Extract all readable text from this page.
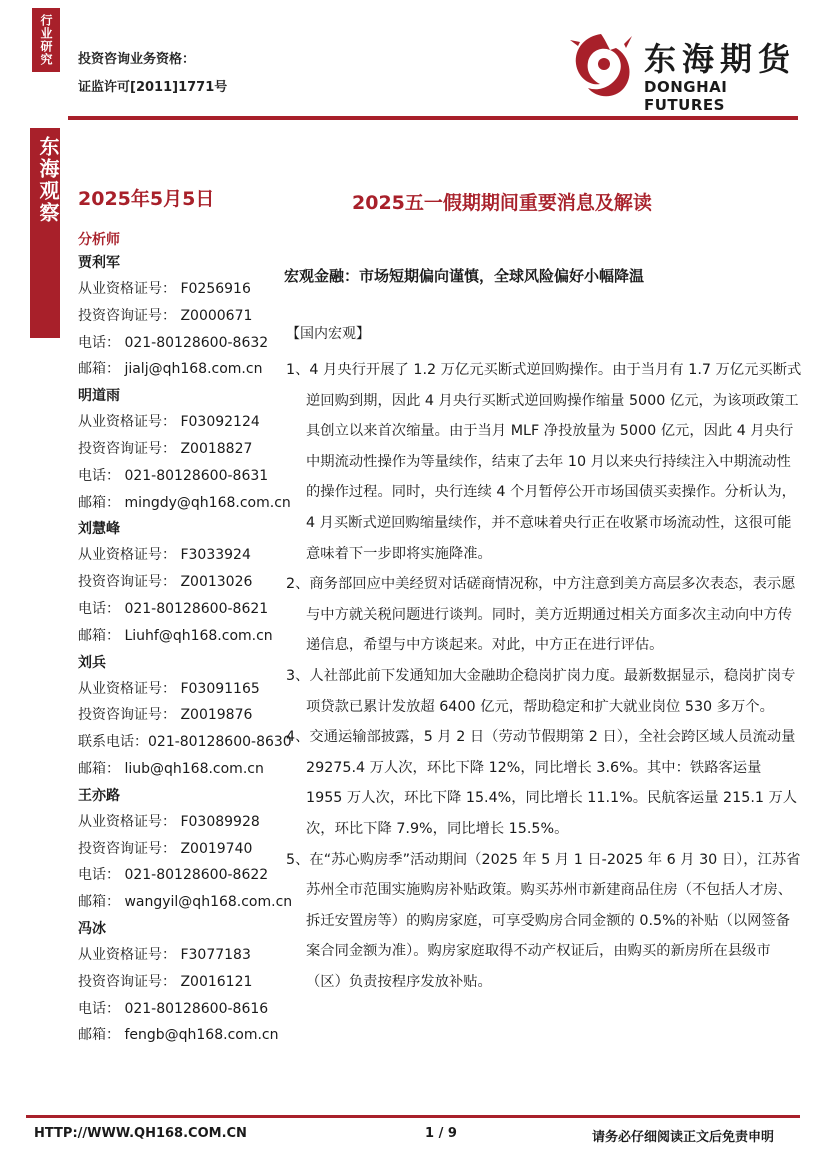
行业研究	投资咨询业务资格：
证监许可[2011]1771号
东海期货
DONGHAI FUTURES
东海观察 2025年5月5日	2025五一假期期间重要消息及解读
分析师
贾利军
从业资格证号： F0256916
投资咨询证号： Z0000671
电话： 021-80128600-8632
邮箱： jialj@qh168.com.cn
明道雨
从业资格证号： F03092124
投资咨询证号： Z0018827
电话： 021-80128600-8631
邮箱： mingdy@qh168.com.cn
刘慧峰
从业资格证号： F3033924
投资咨询证号： Z0013026
电话： 021-80128600-8621
邮箱： Liuhf@qh168.com.cn
刘兵
从业资格证号： F03091165
投资咨询证号： Z0019876
联系电话：021-80128600-8630
邮箱： liub@qh168.com.cn
王亦路
从业资格证号： F03089928
投资咨询证号： Z0019740
电话： 021-80128600-8622
邮箱： wangyil@qh168.com.cn
冯冰
从业资格证号： F3077183
投资咨询证号： Z0016121
电话： 021-80128600-8616
邮箱： fengb@qh168.com.cn
宏观金融：市场短期偏向谨慎，全球风险偏好小幅降温
【国内宏观】

1、4 月央行开展了 1.2 万亿元买断式逆回购操作。由于当月有 1.7 万亿元买断式逆回购到期，因此 4 月央行买断式逆回购操作缩量 5000 亿元，为该项政策工具创立以来首次缩量。由于当月 MLF 净投放量为 5000 亿元，因此 4 月央行中期流动性操作为等量续作，结束了去年 10 月以来央行持续注入中期流动性的操作过程。同时，央行连续 4 个月暂停公开市场国债买卖操作。分析认为，4 月买断式逆回购缩量续作，并不意味着央行正在收紧市场流动性，这很可能意味着下一步即将实施降准。

2、商务部回应中美经贸对话磋商情况称，中方注意到美方高层多次表态，表示愿与中方就关税问题进行谈判。同时，美方近期通过相关方面多次主动向中方传递信息，希望与中方谈起来。对此，中方正在进行评估。

3、人社部此前下发通知加大金融助企稳岗扩岗力度。最新数据显示，稳岗扩岗专项贷款已累计发放超 6400 亿元，帮助稳定和扩大就业岗位 530 多万个。

4、交通运输部披露，5 月 2 日（劳动节假期第 2 日），全社会跨区域人员流动量 29275.4 万人次，环比下降 12%，同比增长 3.6%。其中：铁路客运量 1955 万人次，环比下降 15.4%，同比增长 11.1%。民航客运量 215.1 万人次，环比下降 7.9%，同比增长 15.5%。

5、在“苏心购房季”活动期间（2025 年 5 月 1 日-2025 年 6 月 30 日），江苏省苏州全市范围实施购房补贴政策。购买苏州市新建商品住房（不包括人才房、拆迁安置房等）的购房家庭，可享受购房合同金额的 0.5%的补贴（以网签备案合同金额为准）。购房家庭取得不动产权证后，由购买的新房所在县级市（区）负责按程序发放补贴。

HTTP://WWW.QH168.COM.CN	1 / 9	请务必仔细阅读正文后免责申明
